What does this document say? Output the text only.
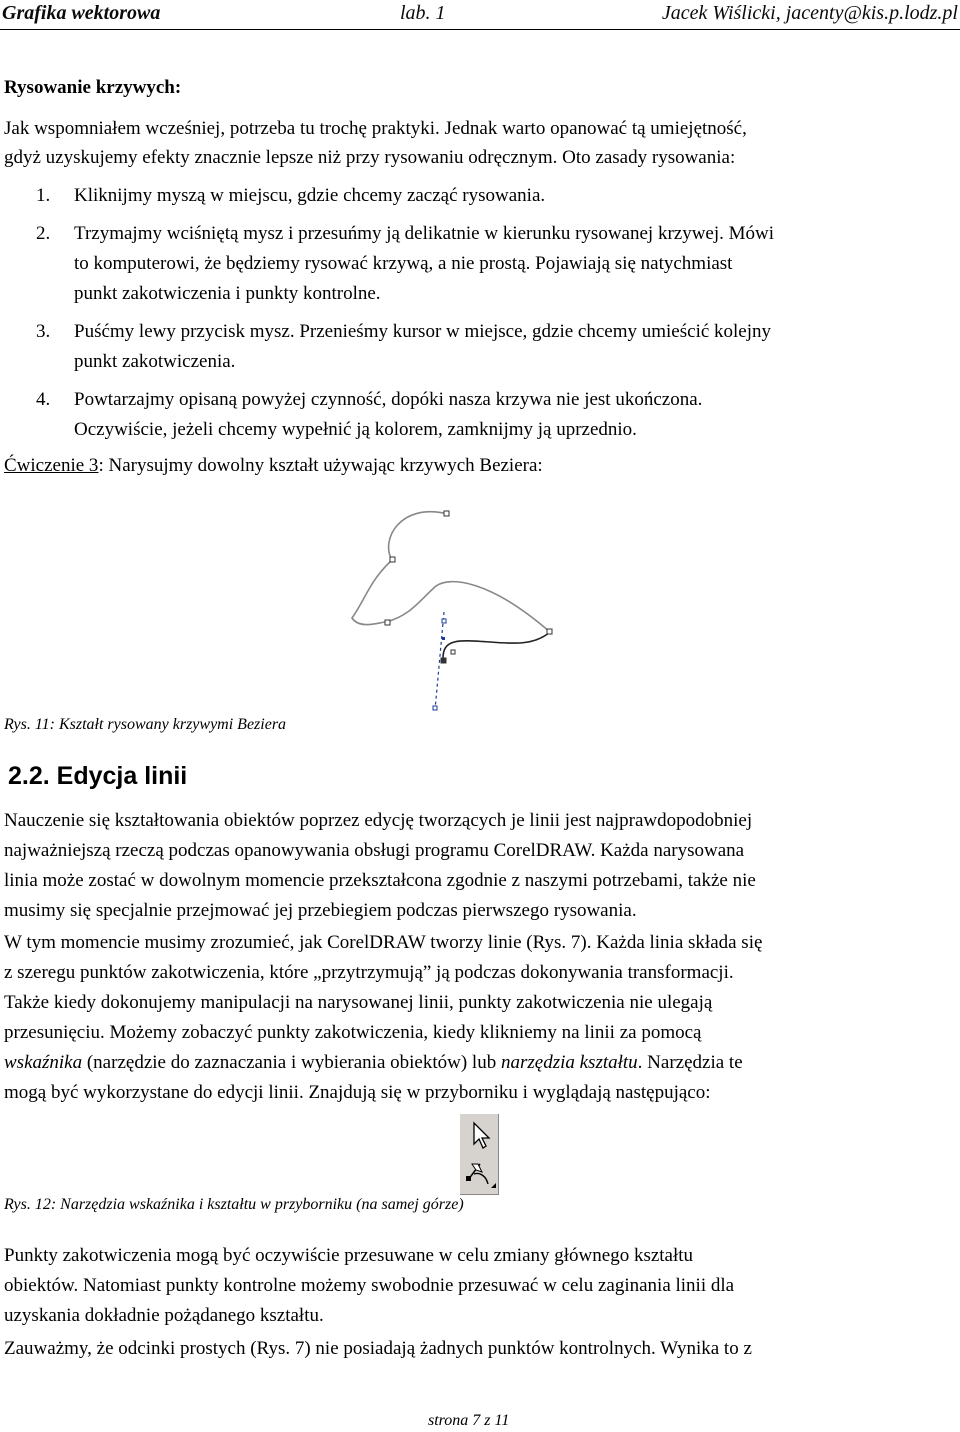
Grafika wektorowa	lab. 1	Jacek Wiślicki, jacenty@kis.p.lodz.pl
Rysowanie krzywych:
Jak wspomniałem wcześniej, potrzeba tu trochę praktyki. Jednak warto opanować tą umiejętność,
gdyż uzyskujemy efekty znacznie lepsze niż przy rysowaniu odręcznym. Oto zasady rysowania:
1. Kliknijmy myszą w miejscu, gdzie chcemy zacząć rysowania.
2. Trzymajmy wciśniętą mysz i przesuńmy ją delikatnie w kierunku rysowanej krzywej. Mówi
to komputerowi, że będziemy rysować krzywą, a nie prostą. Pojawiają się natychmiast
punkt zakotwiczenia i punkty kontrolne.
3. Puśćmy lewy przycisk mysz. Przenieśmy kursor w miejsce, gdzie chcemy umieścić kolejny
punkt zakotwiczenia.
4. Powtarzajmy opisaną powyżej czynność, dopóki nasza krzywa nie jest ukończona.
Oczywiście, jeżeli chcemy wypełnić ją kolorem, zamknijmy ją uprzednio.
Ćwiczenie 3: Narysujmy dowolny kształt używając krzywych Beziera:
Rys. 11: Kształt rysowany krzywymi Beziera
2.2. Edycja linii
Nauczenie się kształtowania obiektów poprzez edycję tworzących je linii jest najprawdopodobniej
najważniejszą rzeczą podczas opanowywania obsługi programu CorelDRAW. Każda narysowana
linia może zostać w dowolnym momencie przekształcona zgodnie z naszymi potrzebami, także nie
musimy się specjalnie przejmować jej przebiegiem podczas pierwszego rysowania.
W tym momencie musimy zrozumieć, jak CorelDRAW tworzy linie (Rys. 7). Każda linia składa się
z szeregu punktów zakotwiczenia, które „przytrzymują” ją podczas dokonywania transformacji.
Także kiedy dokonujemy manipulacji na narysowanej linii, punkty zakotwiczenia nie ulegają
przesunięciu. Możemy zobaczyć punkty zakotwiczenia, kiedy klikniemy na linii za pomocą
wskaźnika (narzędzie do zaznaczania i wybierania obiektów) lub narzędzia kształtu. Narzędzia te
mogą być wykorzystane do edycji linii. Znajdują się w przyborniku i wyglądają następująco:
Rys. 12: Narzędzia wskaźnika i kształtu w przyborniku (na samej górze)
Punkty zakotwiczenia mogą być oczywiście przesuwane w celu zmiany głównego kształtu
obiektów. Natomiast punkty kontrolne możemy swobodnie przesuwać w celu zaginania linii dla
uzyskania dokładnie pożądanego kształtu.
Zauważmy, że odcinki prostych (Rys. 7) nie posiadają żadnych punktów kontrolnych. Wynika to z
strona 7 z 11
